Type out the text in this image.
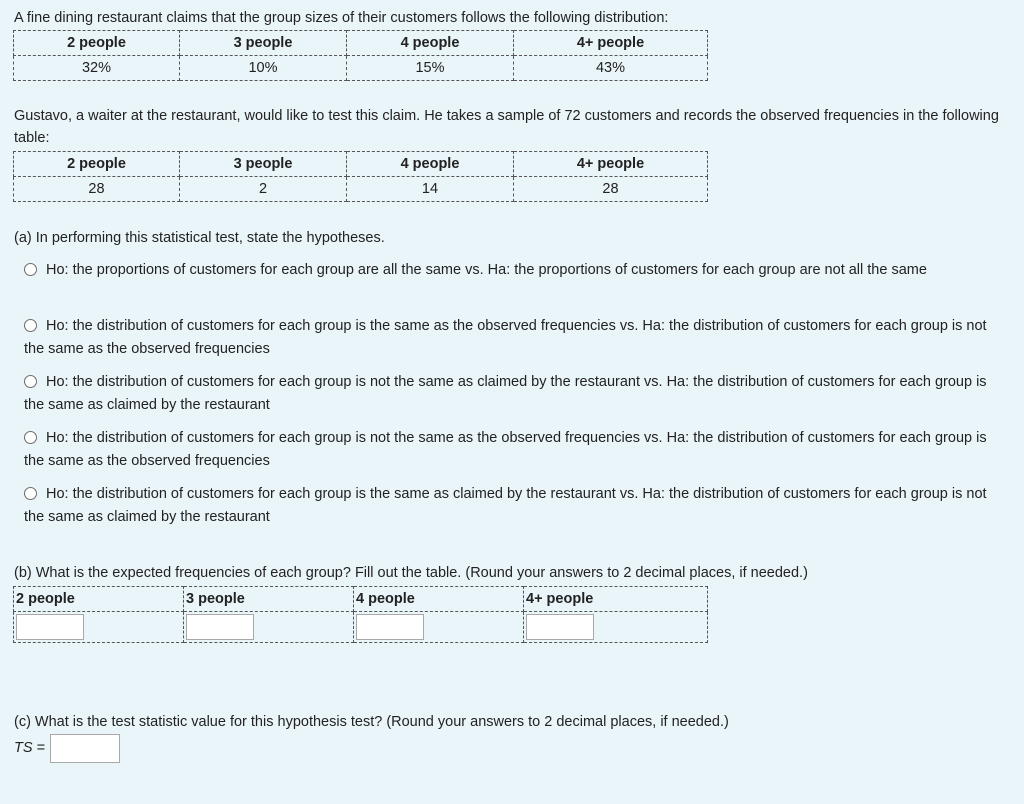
A fine dining restaurant claims that the group sizes of their customers follows the following distribution:
2 people	3 people	4 people	4+ people
32%	10%	15%	43%
Gustavo, a waiter at the restaurant, would like to test this claim. He takes a sample of 72 customers and records the observed frequencies in the following table:
2 people	3 people	4 people	4+ people
28	2	14	28
(a) In performing this statistical test, state the hypotheses.
Ho: the proportions of customers for each group are all the same vs. Ha: the proportions of customers for each group are not all the same
Ho: the distribution of customers for each group is the same as the observed frequencies vs. Ha: the distribution of customers for each group is not the same as the observed frequencies
Ho: the distribution of customers for each group is not the same as claimed by the restaurant vs. Ha: the distribution of customers for each group is the same as claimed by the restaurant
Ho: the distribution of customers for each group is not the same as the observed frequencies vs. Ha: the distribution of customers for each group is the same as the observed frequencies
Ho: the distribution of customers for each group is the same as claimed by the restaurant vs. Ha: the distribution of customers for each group is not the same as claimed by the restaurant
(b) What is the expected frequencies of each group? Fill out the table. (Round your answers to 2 decimal places, if needed.)
2 people	3 people	4 people	4+ people

(c) What is the test statistic value for this hypothesis test? (Round your answers to 2 decimal places, if needed.)
TS =
